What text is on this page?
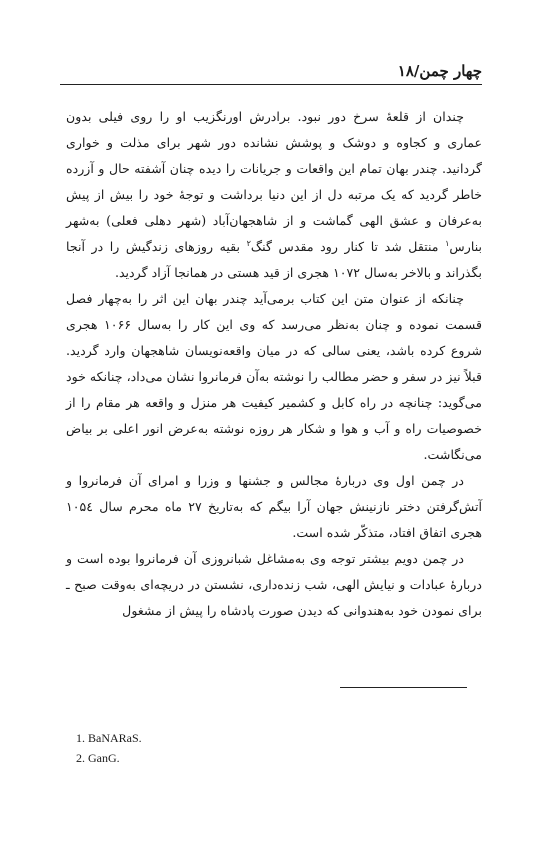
چهار چمن/۱۸

چندان از قلعهٔ سرخ دور نبود. برادرش اورنگزیب او را روی فیلی بدون عماری و کجاوه و دوشک و پوشش نشانده دور شهر برای مذلت و خواری گردانید. چندر بهان تمام این واقعات و جریانات را دیده چنان آشفته حال و آزرده خاطر گردید که یک مرتبه دل از این دنیا برداشت و توجهٔ خود را بیش از پیش به‌عرفان و عشق الهی گماشت و از شاهجهان‌آباد (شهر دهلی فعلی) به‌شهر بنارس$^۱$ منتقل شد تا کنار رود مقدس گنگ$^۲$ بقیه روزهای زندگیش را در آنجا بگذراند و بالاخر به‌سال ۱۰۷۲ هجری از قید هستی در همانجا آزاد گردید.

چنانکه از عنوان متن این کتاب برمی‌آید چندر بهان این اثر را به‌چهار فصل قسمت نموده و چنان به‌نظر می‌رسد که وی این کار را به‌سال ۱۰۶۶ هجری شروع کرده باشد، یعنی سالی که در میان واقعه‌نویسان شاهجهان وارد گردید. قبلاً نیز در سفر و حضر مطالب را نوشته به‌آن فرمانروا نشان می‌داد، چنانکه خود می‌گوید: چنانچه در راه کابل و کشمیر کیفیت هر منزل و واقعه هر مقام را از خصوصیات راه و آب و هوا و شکار هر روزه نوشته به‌عرض انور اعلی بر بیاض می‌نگاشت.

در چمن اول وی دربارهٔ مجالس و جشنها و وزرا و امرای آن فرمانروا و آتش‌گرفتن دختر نازنینش جهان آرا بیگم که به‌تاریخ ۲۷ ماه محرم سال ۱۰۵٤ هجری اتفاق افتاد، متذکّر شده است.

در چمن دویم بیشتر توجه وی به‌مشاغل شبانروزی آن فرمانروا بوده است و دربارهٔ عبادات و نیایش الهی، شب زنده‌داری، نشستن در دریچه‌ای به‌وقت صبح ـ برای نمودن خود به‌هندوانی که دیدن صورت پادشاه را پیش از مشغول

1. BaNARaS.
2. GanG.
